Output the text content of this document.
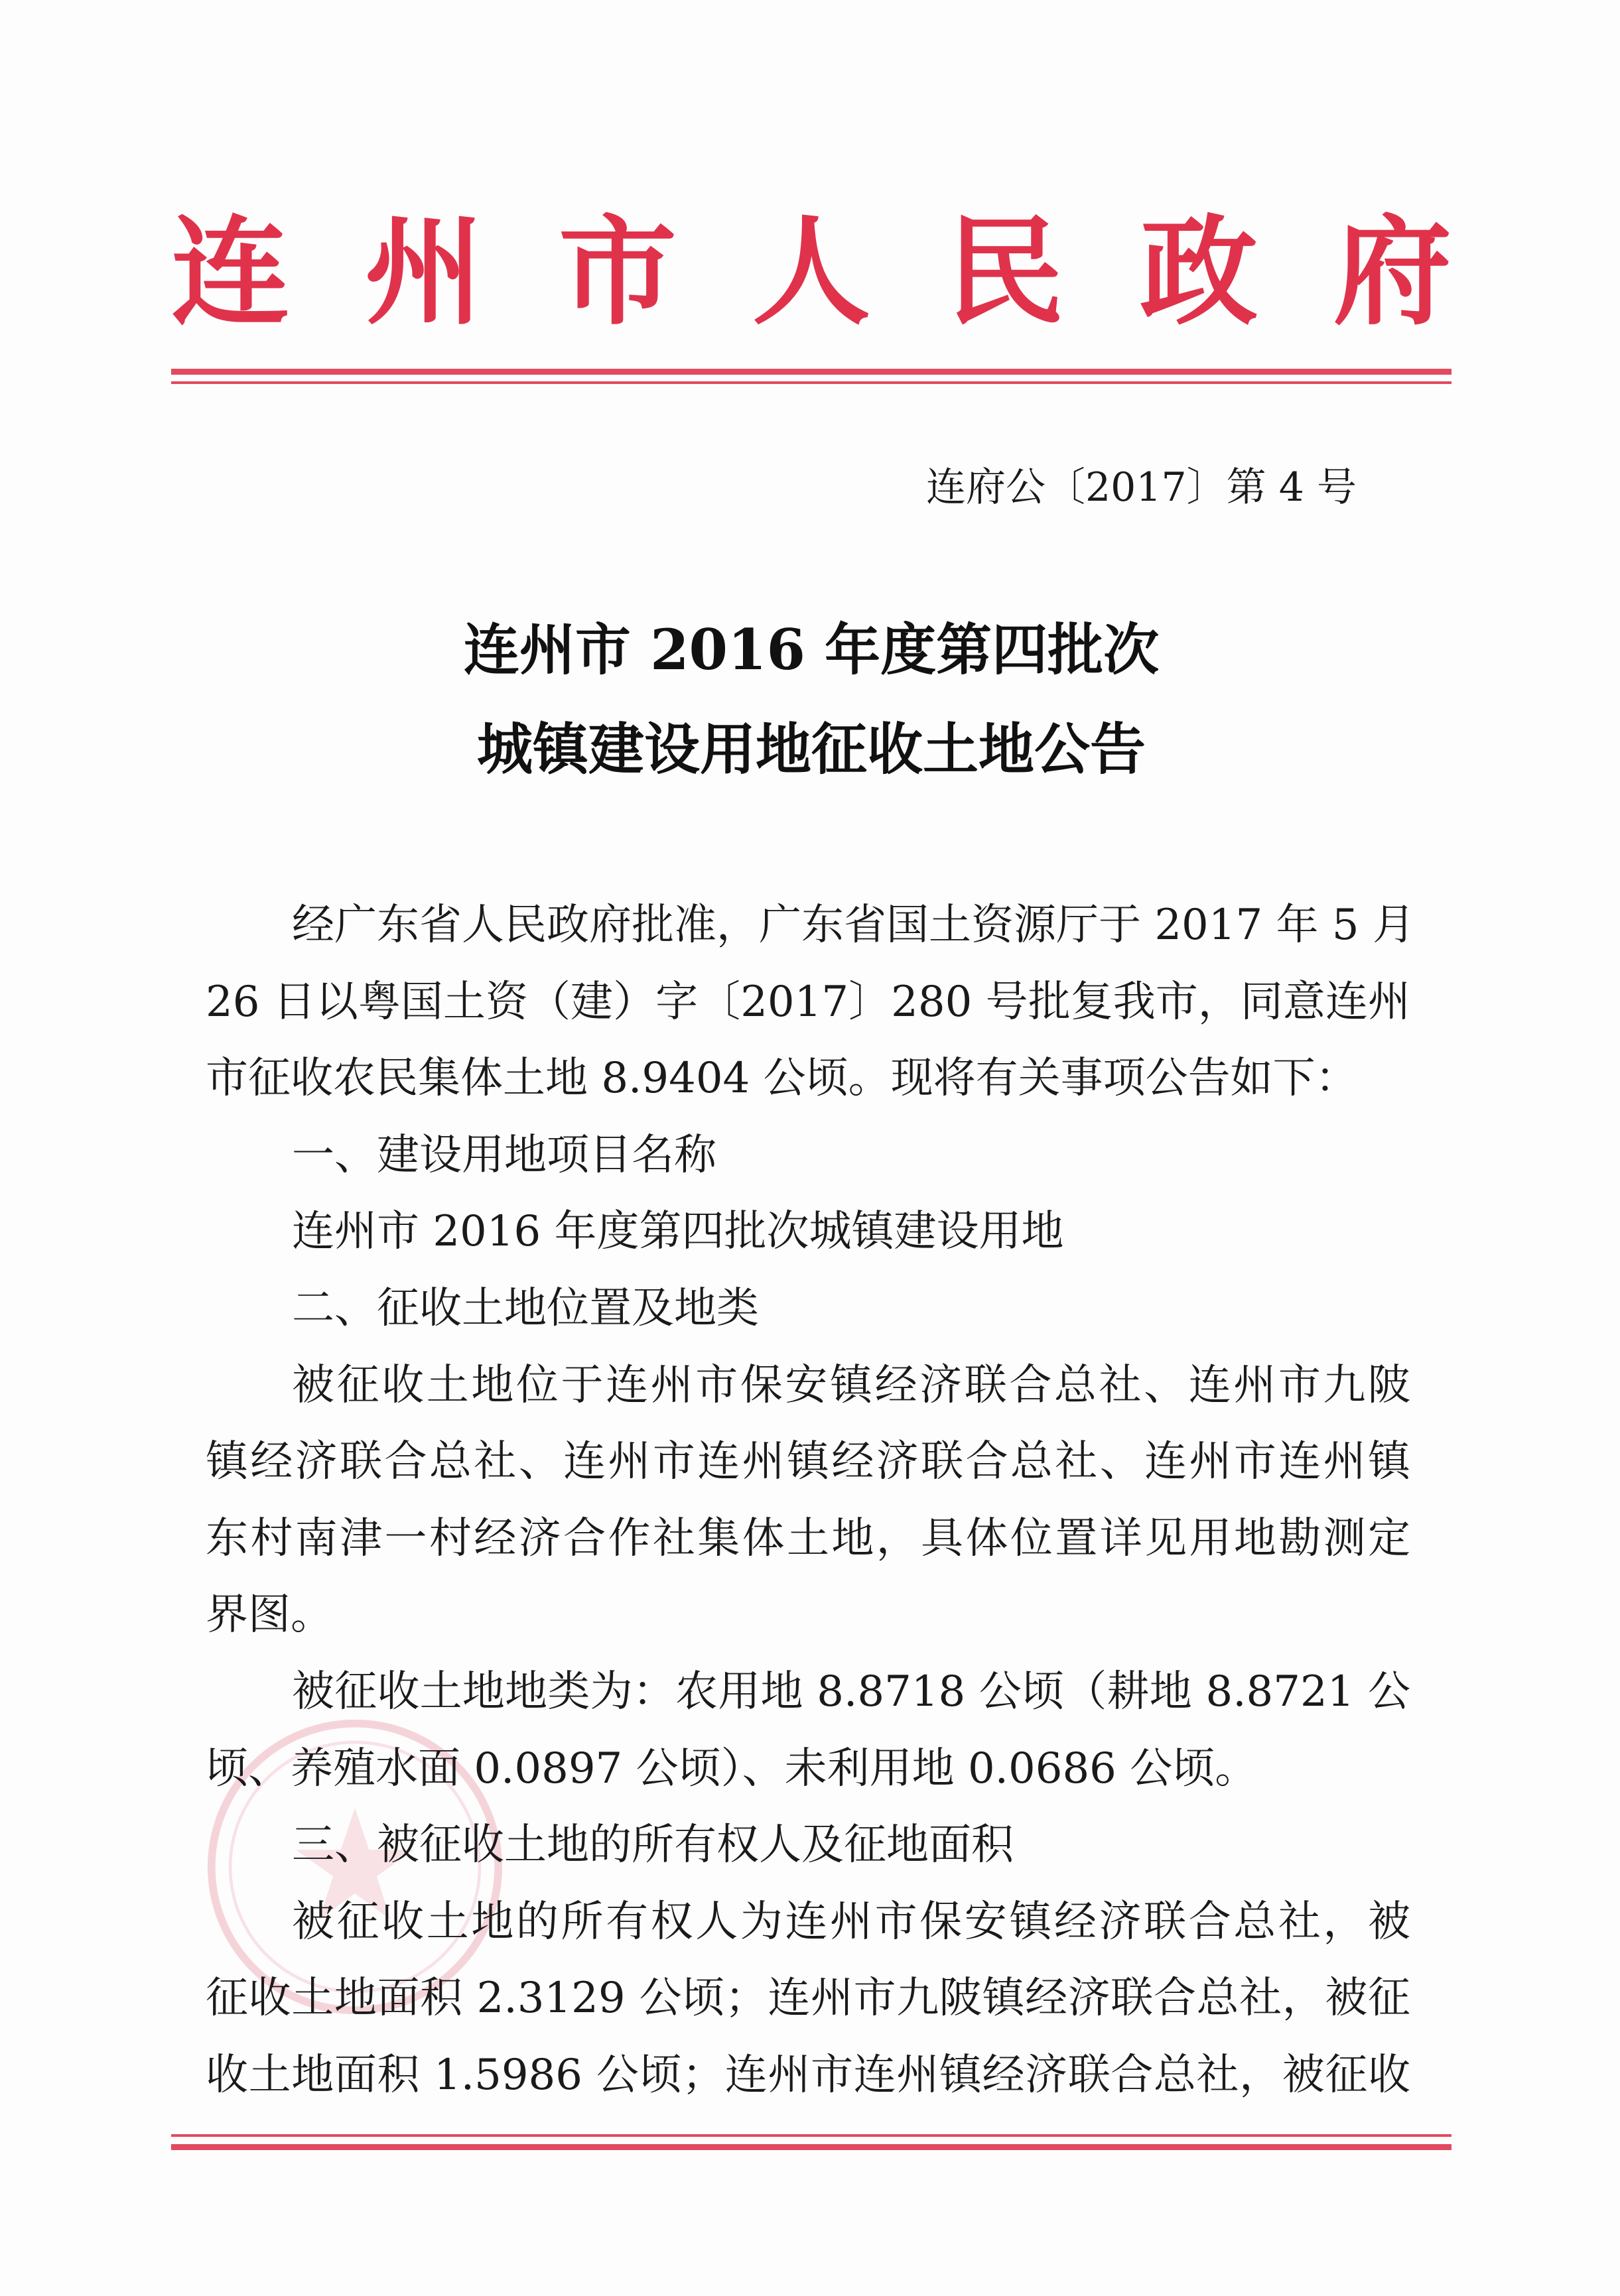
连 州 市 人 民 政 府
连府公〔2017〕第 4 号
连州市 2016 年度第四批次
城镇建设用地征收土地公告
经广东省人民政府批准，广东省国土资源厅于 2017 年 5 月
26 日以粤国土资（建）字〔2017〕280 号批复我市，同意连州
市征收农民集体土地 8.9404 公顷。现将有关事项公告如下：
一、建设用地项目名称
连州市 2016 年度第四批次城镇建设用地
二、征收土地位置及地类
被征收土地位于连州市保安镇经济联合总社、连州市九陂
镇经济联合总社、连州市连州镇经济联合总社、连州市连州镇
东村南津一村经济合作社集体土地，具体位置详见用地勘测定
界图。
被征收土地地类为：农用地 8.8718 公顷（耕地 8.8721 公
顷、养殖水面 0.0897 公顷）、未利用地 0.0686 公顷。
三、被征收土地的所有权人及征地面积
被征收土地的所有权人为连州市保安镇经济联合总社，被
征收土地面积 2.3129 公顷；连州市九陂镇经济联合总社，被征
收土地面积 1.5986 公顷；连州市连州镇经济联合总社，被征收
